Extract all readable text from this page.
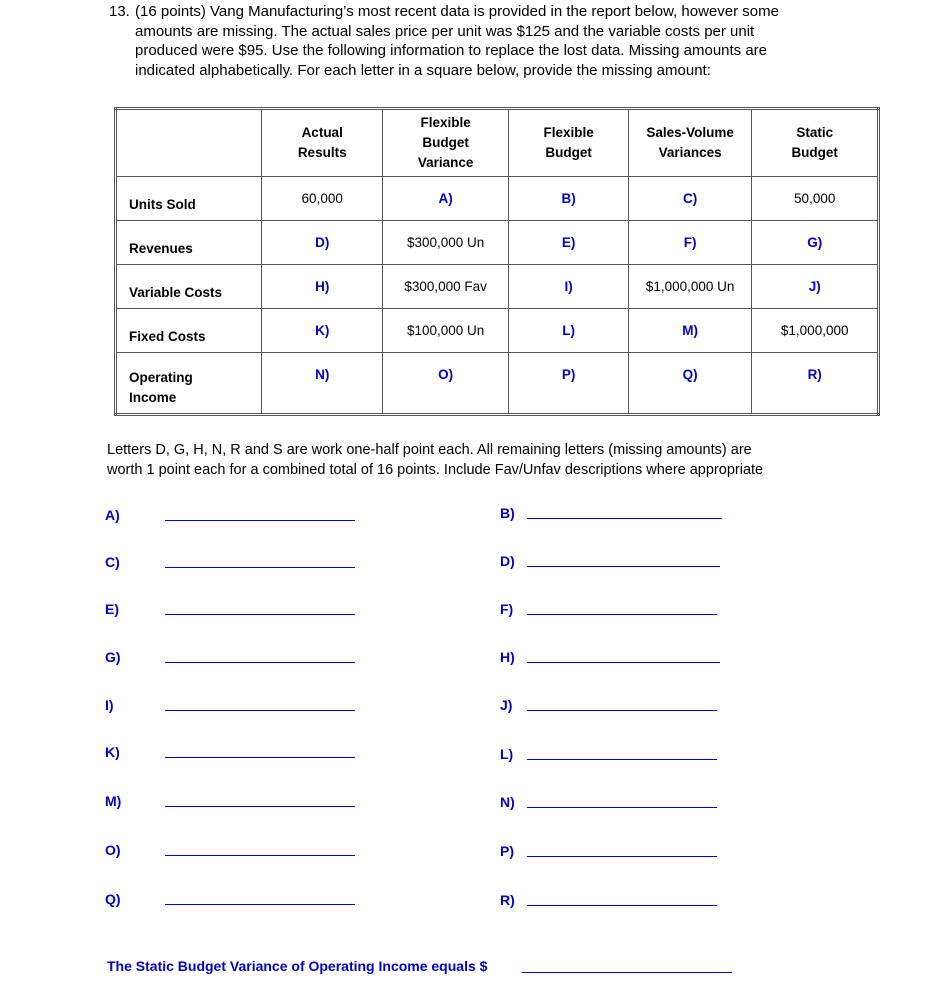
13. (16 points) Vang Manufacturing’s most recent data is provided in the report below, however some

amounts are missing. The actual sales price per unit was $125 and the variable costs per unit

produced were $95. Use the following information to replace the lost data. Missing amounts are

indicated alphabetically. For each letter in a square below, provide the missing amount:

	Actual
Results	Flexible
Budget
Variance	Flexible
Budget	Sales-Volume
Variances	Static
Budget
Units Sold	60,000	A)	B)	C)	50,000
Revenues	D)	$300,000 Un	E)	F)	G)
Variable Costs	H)	$300,000 Fav	I)	$1,000,000 Un	J)
Fixed Costs	K)	$100,000 Un	L)	M)	$1,000,000
Operating
Income	N)	O)	P)	Q)	R)
Letters D, G, H, N, R and S are work one-half point each. All remaining letters (missing amounts) are
worth 1 point each for a combined total of 16 points. Include Fav/Unfav descriptions where appropriate
A)
C)
E)
G)
I)
K)
M)
O)
Q)
B)
D)
F)
H)
J)
L)
N)
P)
R)
The Static Budget Variance of Operating Income equals $
